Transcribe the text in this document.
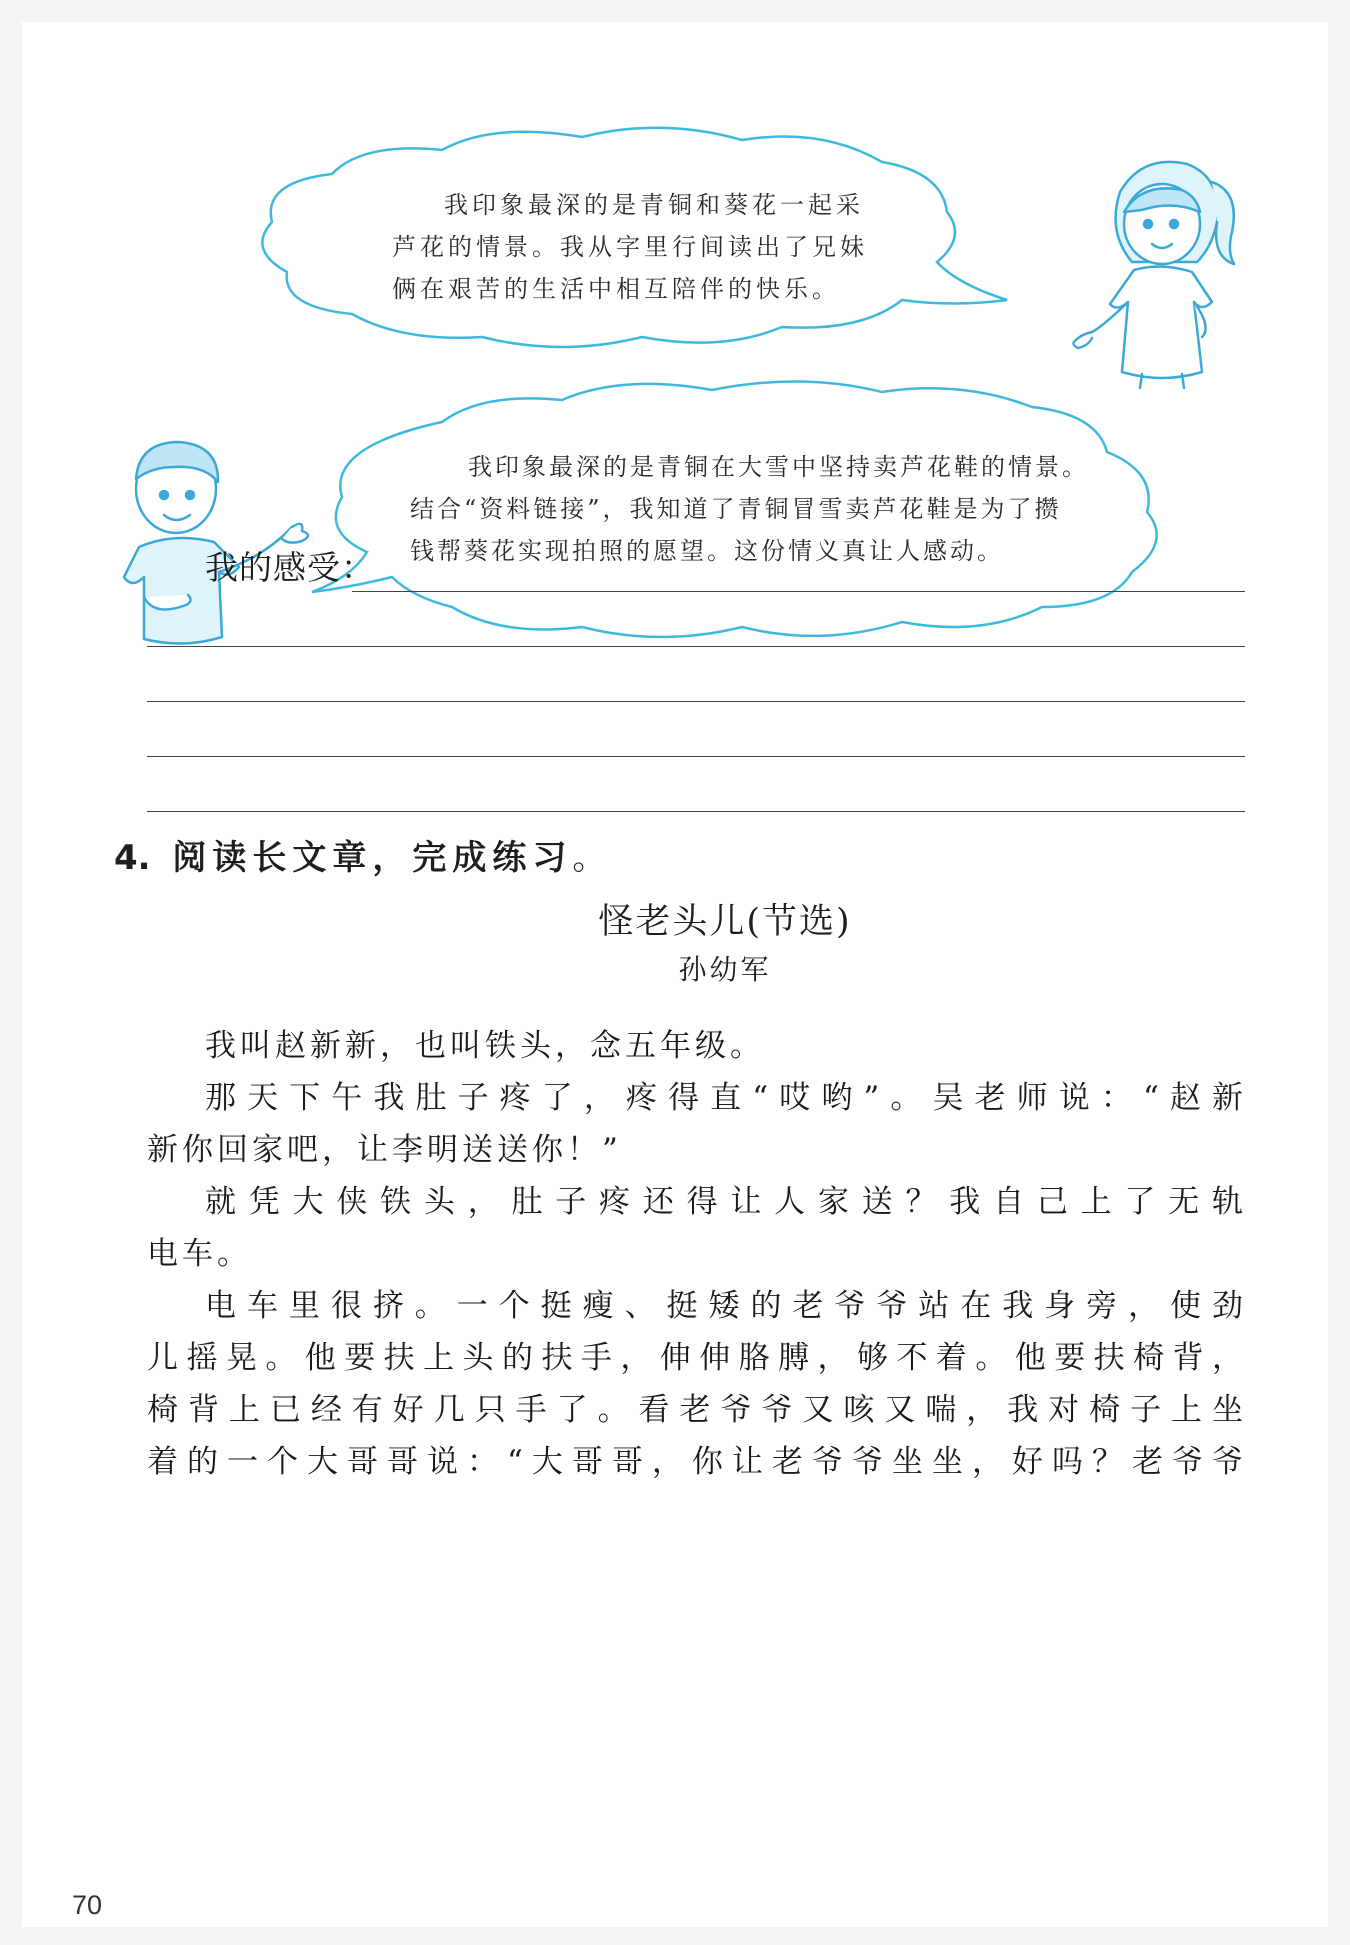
我印象最深的是青铜和葵花一起采
芦花的情景。我从字里行间读出了兄妹
俩在艰苦的生活中相互陪伴的快乐。
我印象最深的是青铜在大雪中坚持卖芦花鞋的情景。
结合“资料链接”，我知道了青铜冒雪卖芦花鞋是为了攒
钱帮葵花实现拍照的愿望。这份情义真让人感动。
我的感受：
4. 阅读长文章，完成练习。
怪老头儿(节选)
孙幼军
我叫赵新新，也叫铁头，念五年级。
那天下午我肚子疼了，疼得直“哎哟”。吴老师说：“赵新
新你回家吧，让李明送送你！”
就凭大侠铁头，肚子疼还得让人家送？我自己上了无轨
电车。
电车里很挤。一个挺瘦、挺矮的老爷爷站在我身旁，使劲
儿摇晃。他要扶上头的扶手，伸伸胳膊，够不着。他要扶椅背，
椅背上已经有好几只手了。看老爷爷又咳又喘，我对椅子上坐
着的一个大哥哥说：“大哥哥，你让老爷爷坐坐，好吗？老爷爷
70
